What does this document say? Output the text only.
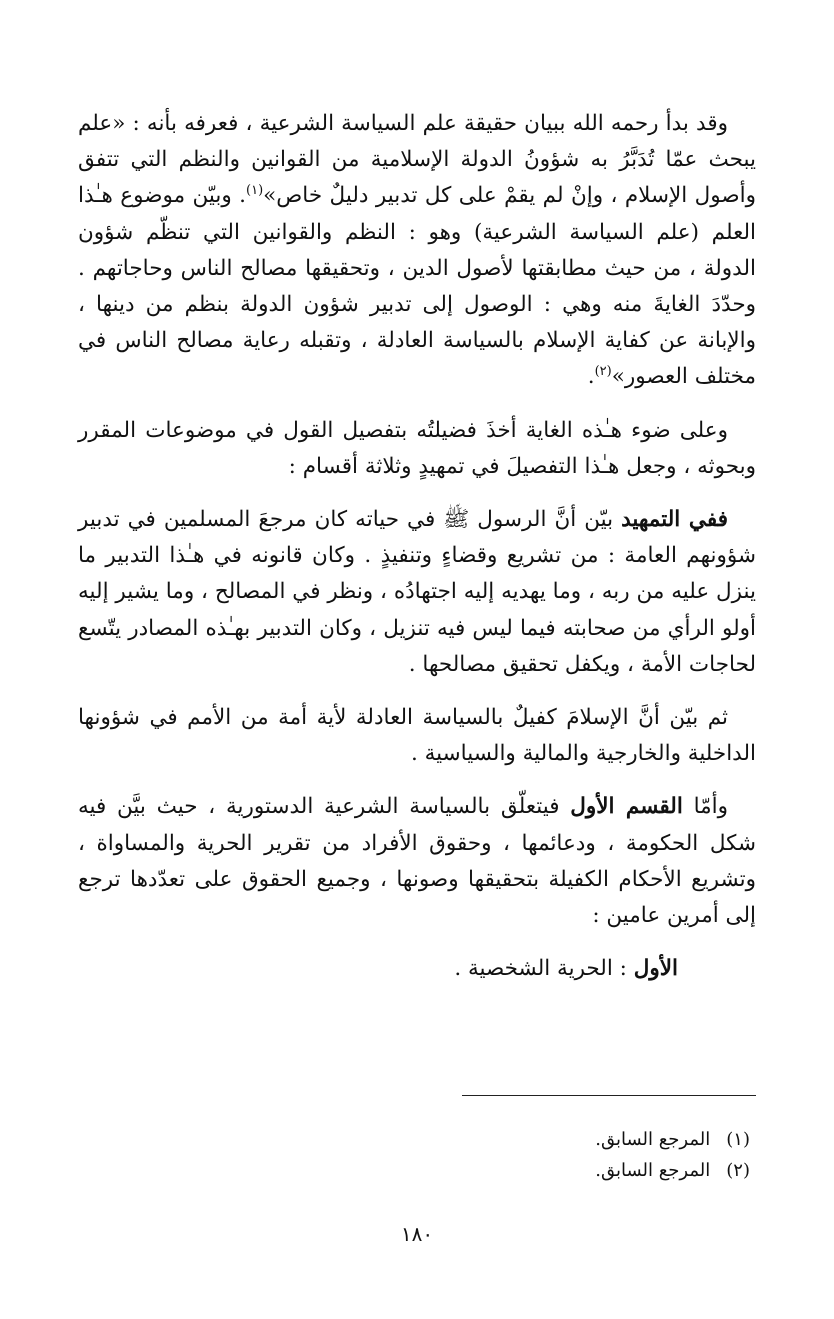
وقد بدأ رحمه الله ببيان حقيقة علم السياسة الشرعية ، فعرفه بأنه : «علم يبحث عمّا تُدَبَّرُ به شؤونُ الدولة الإسلامية من القوانين والنظم التي تتفق وأصول الإسلام ، وإنْ لم يقمْ على كل تدبير دليلٌ خاص»$^{(١)}$. وبيّن موضوع هـٰذا العلم (علم السياسة الشرعية) وهو : النظم والقوانين التي تنظّم شؤون الدولة ، من حيث مطابقتها لأصول الدين ، وتحقيقها مصالح الناس وحاجاتهم . وحدّدَ الغايةَ منه وهي : الوصول إلى تدبير شؤون الدولة بنظم من دينها ، والإبانة عن كفاية الإسلام بالسياسة العادلة ، وتقبله رعاية مصالح الناس في مختلف العصور»$^{(٢)}$.

وعلى ضوء هـٰذه الغاية أخذَ فضيلتُه بتفصيل القول في موضوعات المقرر وبحوثه ، وجعل هـٰذا التفصيلَ في تمهيدٍ وثلاثة أقسام :

ففي التمهيد بيّن أنَّ الرسول ﷺ في حياته كان مرجعَ المسلمين في تدبير شؤونهم العامة : من تشريع وقضاءٍ وتنفيذٍ . وكان قانونه في هـٰذا التدبير ما ينزل عليه من ربه ، وما يهديه إليه اجتهادُه ، ونظر في المصالح ، وما يشير إليه أولو الرأي من صحابته فيما ليس فيه تنزيل ، وكان التدبير بهـٰذه المصادر يتّسع لحاجات الأمة ، ويكفل تحقيق مصالحها .

ثم بيّن أنَّ الإسلامَ كفيلٌ بالسياسة العادلة لأية أمة من الأمم في شؤونها الداخلية والخارجية والمالية والسياسية .

وأمّا القسم الأول فيتعلّق بالسياسة الشرعية الدستورية ، حيث بيَّن فيه شكل الحكومة ، ودعائمها ، وحقوق الأفراد من تقرير الحرية والمساواة ، وتشريع الأحكام الكفيلة بتحقيقها وصونها ، وجميع الحقوق على تعدّدها ترجع إلى أمرين عامين :

الأول : الحرية الشخصية .

(١)
المرجع السابق.
(٢)
المرجع السابق.
١٨٠
